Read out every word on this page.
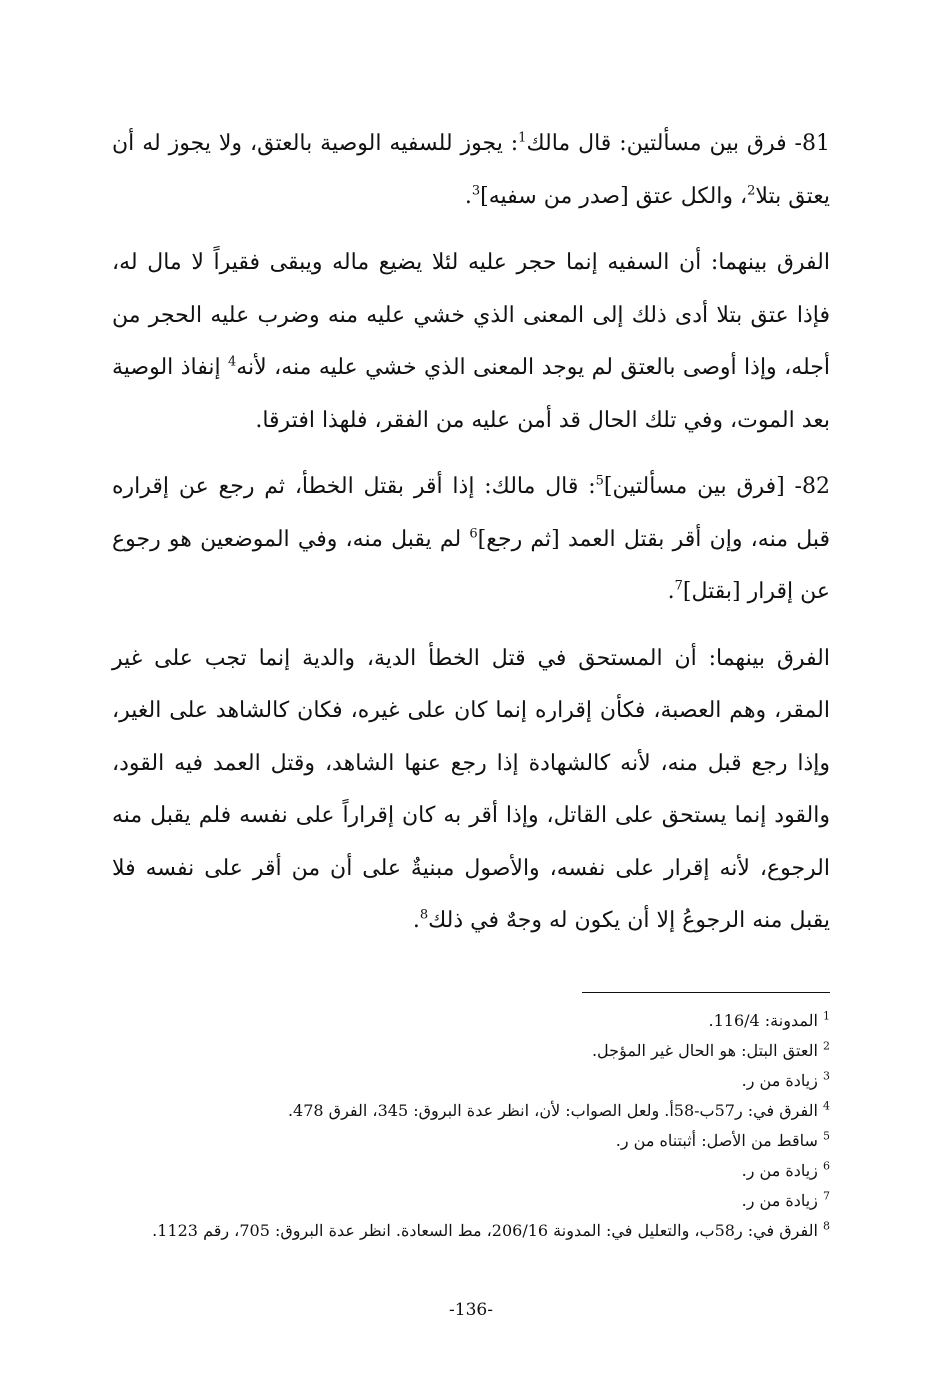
81- فرق بين مسألتين: قال مالك$^1$: يجوز للسفيه الوصية بالعتق، ولا يجوز له أن يعتق بتلا$^2$، والكل عتق [صدر من سفيه]$^3$.

الفرق بينهما: أن السفيه إنما حجر عليه لئلا يضيع ماله ويبقى فقيراً لا مال له، فإذا عتق بتلا أدى ذلك إلى المعنى الذي خشي عليه منه وضرب عليه الحجر من أجله، وإذا أوصى بالعتق لم يوجد المعنى الذي خشي عليه منه، لأنه$^4$ إنفاذ الوصية بعد الموت، وفي تلك الحال قد أمن عليه من الفقر، فلهذا افترقا.

82- [فرق بين مسألتين]$^5$: قال مالك: إذا أقر بقتل الخطأ، ثم رجع عن إقراره قبل منه، وإن أقر بقتل العمد [ثم رجع]$^6$ لم يقبل منه، وفي الموضعين هو رجوع عن إقرار [بقتل]$^7$.

الفرق بينهما: أن المستحق في قتل الخطأ الدية، والدية إنما تجب على غير المقر، وهم العصبة، فكأن إقراره إنما كان على غيره، فكان كالشاهد على الغير، وإذا رجع قبل منه، لأنه كالشهادة إذا رجع عنها الشاهد، وقتل العمد فيه القود، والقود إنما يستحق على القاتل، وإذا أقر به كان إقراراً على نفسه فلم يقبل منه الرجوع، لأنه إقرار على نفسه، والأصول مبنيةٌ على أن من أقر على نفسه فلا يقبل منه الرجوعُ إلا أن يكون له وجهٌ في ذلك$^8$.

$^1$ المدونة: 116/4.

$^2$ العتق البتل: هو الحال غير المؤجل.

$^3$ زيادة من ر.

$^4$ الفرق في: ر57ب-58أ. ولعل الصواب: لأن، انظر عدة البروق: 345، الفرق 478.

$^5$ ساقط من الأصل: أثبتناه من ر.

$^6$ زيادة من ر.

$^7$ زيادة من ر.

$^8$ الفرق في: ر58ب، والتعليل في: المدونة 206/16، مط السعادة. انظر عدة البروق: 705، رقم 1123.

-136-
